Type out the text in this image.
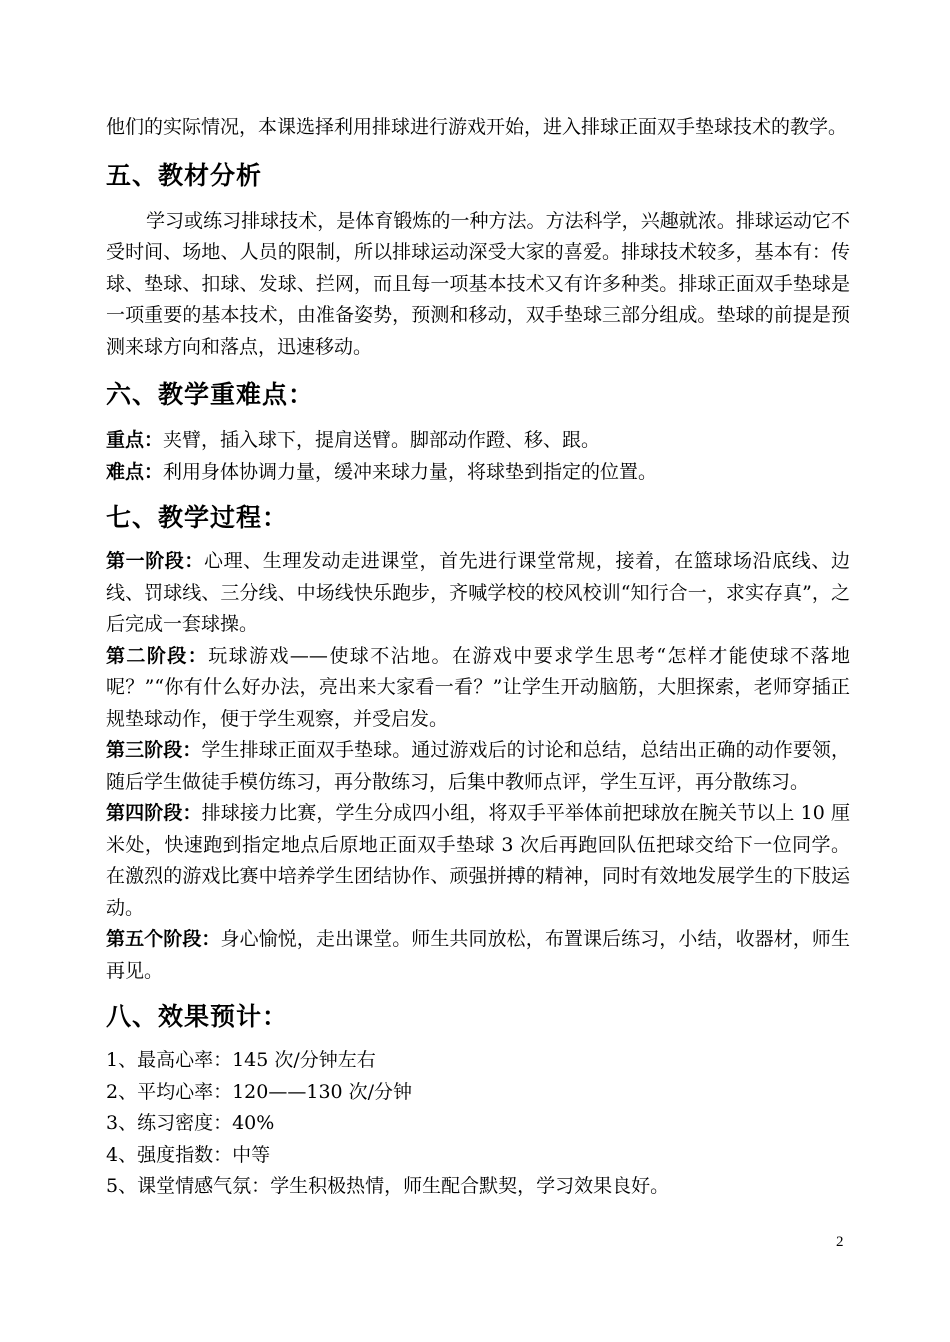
他们的实际情况，本课选择利用排球进行游戏开始，进入排球正面双手垫球技术的教学。

五、教材分析

学习或练习排球技术，是体育锻炼的一种方法。方法科学，兴趣就浓。排球运动它不受时间、场地、人员的限制，所以排球运动深受大家的喜爱。排球技术较多，基本有：传球、垫球、扣球、发球、拦网，而且每一项基本技术又有许多种类。排球正面双手垫球是一项重要的基本技术，由准备姿势，预测和移动，双手垫球三部分组成。垫球的前提是预测来球方向和落点，迅速移动。

六、教学重难点：

重点：夹臂，插入球下，提肩送臂。脚部动作蹬、移、跟。

难点：利用身体协调力量，缓冲来球力量，将球垫到指定的位置。

七、教学过程：

第一阶段：心理、生理发动走进课堂，首先进行课堂常规，接着，在篮球场沿底线、边线、罚球线、三分线、中场线快乐跑步，齐喊学校的校风校训“知行合一，求实存真”，之后完成一套球操。

第二阶段：玩球游戏——使球不沾地。在游戏中要求学生思考“怎样才能使球不落地呢？”“你有什么好办法，亮出来大家看一看？”让学生开动脑筋，大胆探索，老师穿插正规垫球动作，便于学生观察，并受启发。

第三阶段：学生排球正面双手垫球。通过游戏后的讨论和总结，总结出正确的动作要领，随后学生做徒手模仿练习，再分散练习，后集中教师点评，学生互评，再分散练习。

第四阶段：排球接力比赛，学生分成四小组，将双手平举体前把球放在腕关节以上 10 厘米处，快速跑到指定地点后原地正面双手垫球 3 次后再跑回队伍把球交给下一位同学。在激烈的游戏比赛中培养学生团结协作、顽强拼搏的精神，同时有效地发展学生的下肢运动。

第五个阶段：身心愉悦，走出课堂。师生共同放松，布置课后练习，小结，收器材，师生再见。

八、效果预计：

1、最高心率：145 次/分钟左右

2、平均心率：120——130 次/分钟

3、练习密度：40%

4、强度指数：中等

5、课堂情感气氛：学生积极热情，师生配合默契，学习效果良好。

2
